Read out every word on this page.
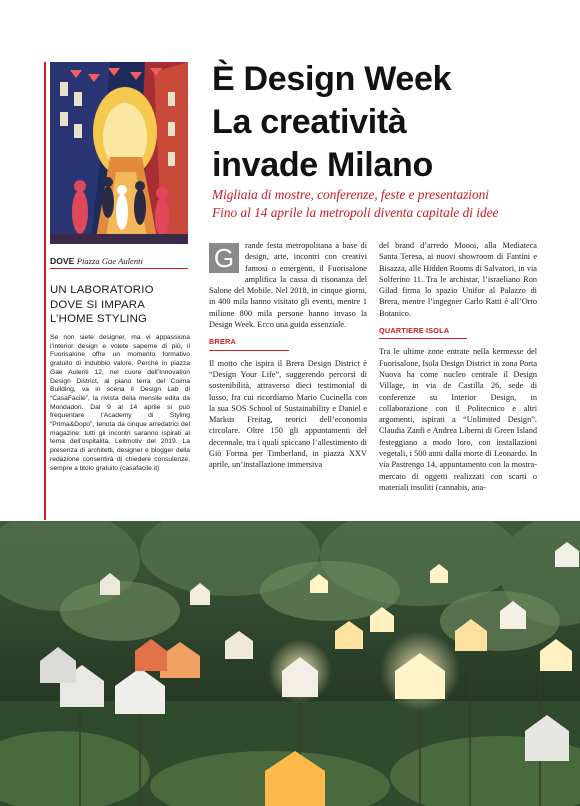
DOVE Piazza Gae Aulenti
UN LABORATORIO
DOVE SI IMPARA
L’HOME STYLING
Se non siete designer, ma vi appassiona l’interior design e volete saperne di più, il Fuorisalone offre un momento formativo gratuito di indubbio valore. Perché in piazza Gae Aulenti 12, nel cuore dell’Innovation Design District, al piano terra del Coima Building, va in scena il Design Lab di “CasaFacile”, la rivista della mensile edita da Mondadori. Dal 9 al 14 aprile si può frequentare l’Academy di Styling “Prima&Dopo”, tenuta da cinque arredatrici del magazine: tutti gli incontri saranno ispirati al tema dell’ospitalità, Leitmotiv del 2019. La presenza di architetti, designer e blogger della redazione consentirà di chiedere consulenze, sempre a titolo gratuito (casafacile.it)
È Design Week
La creatività
invade Milano
Migliaia di mostre, conferenze, feste e presentazioni
Fino al 14 aprile la metropoli diventa capitale di idee
G	rande festa metropolitana a base di design, arte, incontri con creativi famosi o emergenti, il Fuorisalone amplifica la cassa di risonanza del Salone del Mobile. Nel 2018, in cinque giorni, in 400 mila hanno visitato gli eventi, mentre 1 milione 800 mila persone hanno invaso la Design Week. Ecco una guida essenziale.
BRERA
Il motto che ispira il Brera Design District è “Design Your Life”, suggerendo percorsi di sostenibilità, attraverso dieci testimonial di lusso, fra cui ricordiamo Mario Cucinella con la sua SOS School of Sustainability e Daniel e Markus Freitag, teorici dell’economia circolare. Oltre 150 gli appuntamenti del decennale, tra i quali spiccano l’allestimento di Giò Forma per Timberland, in piazza XXV aprile, un’installazione immersiva
del brand d’arredo Moooi, alla Mediateca Santa Teresa, ai nuovi showroom di Fantini e Bisazza, alle Hidden Rooms di Salvatori, in via Solferino 11. Tra le archistar, l’israeliano Ron Gilad firma lo spazio Unifor al Palazzo di Brera, mentre l’ingegner Carlo Ratti è all’Orto Botanico.
QUARTIERE ISOLA
Tra le ultime zone entrate nella kermesse del Fuorisalone, Isola Design District in zona Porta Nuova ha come nucleo centrale il Design Village, in via de Castilla 26, sede di conferenze su Interior Design, in collaborazione con il Politecnico e altri argomenti, ispirati a “Unlimited Design”. Claudia Zanfi e Andrea Liberni di Green Island festeggiano a modo loro, con installazioni vegetali, i 500 anni dalla morte di Leonardo. In via Pastrengo 14, appuntamento con la mostra-mercato di oggetti realizzati con scarti o materiali insoliti (cannabis, ana-
